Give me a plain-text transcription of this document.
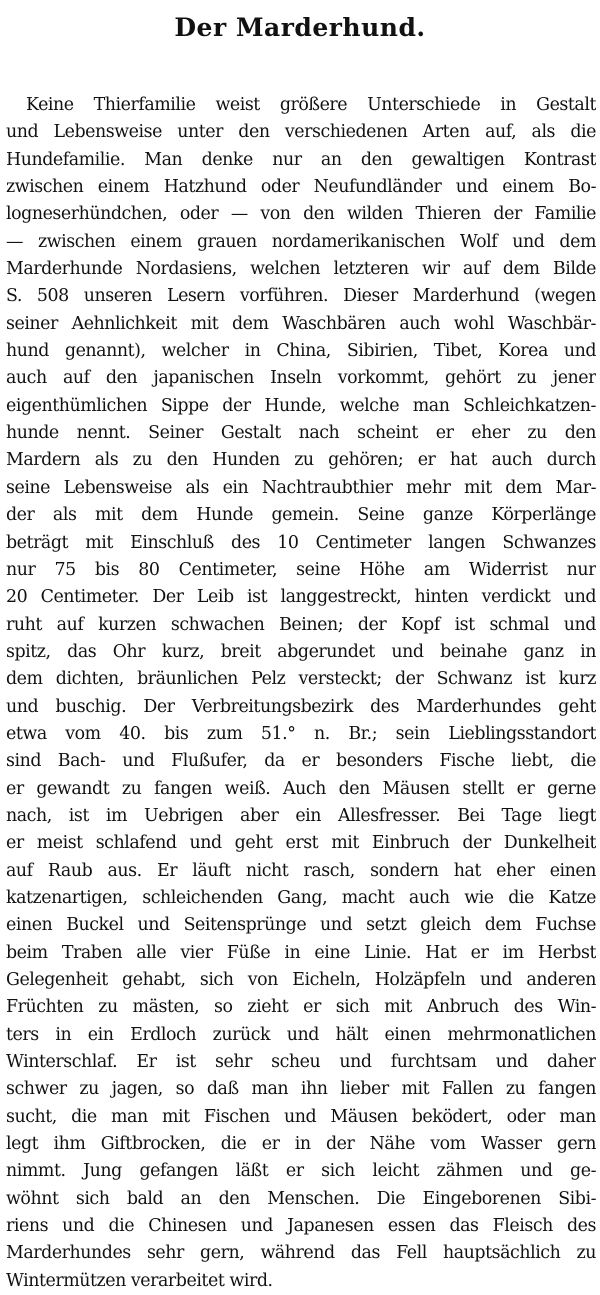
Der Marderhund.
Keine Thierfamilie weist größere Unterschiede in Gestalt
und Lebensweise unter den verschiedenen Arten auf, als die
Hundefamilie. Man denke nur an den gewaltigen Kontrast
zwischen einem Hatzhund oder Neufundländer und einem Bo-
logneserhündchen, oder — von den wilden Thieren der Familie
— zwischen einem grauen nordamerikanischen Wolf und dem
Marderhunde Nordasiens, welchen letzteren wir auf dem Bilde
S. 508 unseren Lesern vorführen. Dieser Marderhund (wegen
seiner Aehnlichkeit mit dem Waschbären auch wohl Waschbär-
hund genannt), welcher in China, Sibirien, Tibet, Korea und
auch auf den japanischen Inseln vorkommt, gehört zu jener
eigenthümlichen Sippe der Hunde, welche man Schleichkatzen-
hunde nennt. Seiner Gestalt nach scheint er eher zu den
Mardern als zu den Hunden zu gehören; er hat auch durch
seine Lebensweise als ein Nachtraubthier mehr mit dem Mar-
der als mit dem Hunde gemein. Seine ganze Körperlänge
beträgt mit Einschluß des 10 Centimeter langen Schwanzes
nur 75 bis 80 Centimeter, seine Höhe am Widerrist nur
20 Centimeter. Der Leib ist langgestreckt, hinten verdickt und
ruht auf kurzen schwachen Beinen; der Kopf ist schmal und
spitz, das Ohr kurz, breit abgerundet und beinahe ganz in
dem dichten, bräunlichen Pelz versteckt; der Schwanz ist kurz
und buschig. Der Verbreitungsbezirk des Marderhundes geht
etwa vom 40. bis zum 51.° n. Br.; sein Lieblingsstandort
sind Bach- und Flußufer, da er besonders Fische liebt, die
er gewandt zu fangen weiß. Auch den Mäusen stellt er gerne
nach, ist im Uebrigen aber ein Allesfresser. Bei Tage liegt
er meist schlafend und geht erst mit Einbruch der Dunkelheit
auf Raub aus. Er läuft nicht rasch, sondern hat eher einen
katzenartigen, schleichenden Gang, macht auch wie die Katze
einen Buckel und Seitensprünge und setzt gleich dem Fuchse
beim Traben alle vier Füße in eine Linie. Hat er im Herbst
Gelegenheit gehabt, sich von Eicheln, Holzäpfeln und anderen
Früchten zu mästen, so zieht er sich mit Anbruch des Win-
ters in ein Erdloch zurück und hält einen mehrmonatlichen
Winterschlaf. Er ist sehr scheu und furchtsam und daher
schwer zu jagen, so daß man ihn lieber mit Fallen zu fangen
sucht, die man mit Fischen und Mäusen beködert, oder man
legt ihm Giftbrocken, die er in der Nähe vom Wasser gern
nimmt. Jung gefangen läßt er sich leicht zähmen und ge-
wöhnt sich bald an den Menschen. Die Eingeborenen Sibi-
riens und die Chinesen und Japanesen essen das Fleisch des
Marderhundes sehr gern, während das Fell hauptsächlich zu
Wintermützen verarbeitet wird.
